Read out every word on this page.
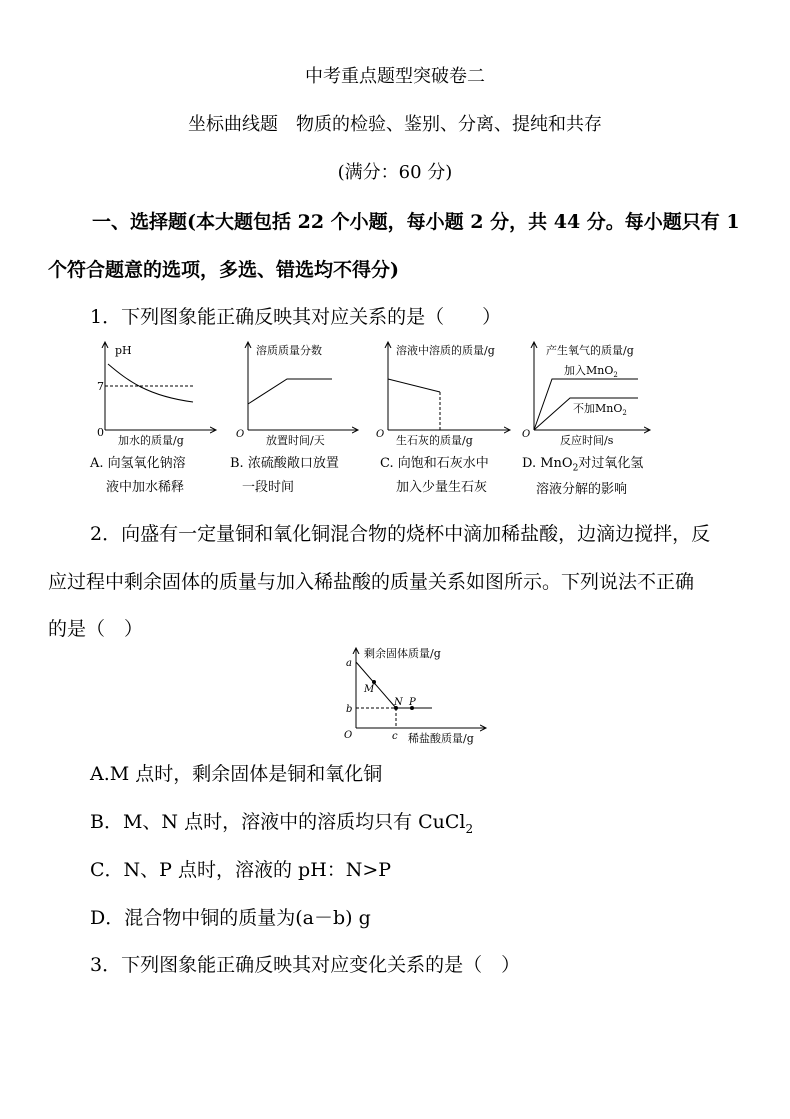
中考重点题型突破卷二
坐标曲线题　物质的检验、鉴别、分离、提纯和共存
(满分：60 分)
一、选择题(本大题包括 22 个小题，每小题 2 分，共 44 分。每小题只有 1
个符合题意的选项，多选、错选均不得分)
1．下列图象能正确反映其对应关系的是（　　）
pH
7
0
加水的质量/g
A. 向氢氧化钠溶
液中加水稀释
溶质质量分数
O 放置时间/天
B. 浓硫酸敞口放置
一段时间
溶液中溶质的质量/g
O 生石灰的质量/g
C. 向饱和石灰水中
加入少量生石灰
产生氧气的质量/g
加入MnO$_2$
不加MnO$_2$
O	反应时间/s
D. MnO$_2$对过氧化氢
溶液分解的影响
2．向盛有一定量铜和氧化铜混合物的烧杯中滴加稀盐酸，边滴边搅拌，反
应过程中剩余固体的质量与加入稀盐酸的质量关系如图所示。下列说法不正确
的是（　）
剩余固体质量/g
a
b
M
N P
c
O	稀盐酸质量/g
A.M 点时，剩余固体是铜和氧化铜
B．M、N 点时，溶液中的溶质均只有 CuCl$_2$
C．N、P 点时，溶液的 pH：N>P
D．混合物中铜的质量为(a－b) g
3．下列图象能正确反映其对应变化关系的是（　）
